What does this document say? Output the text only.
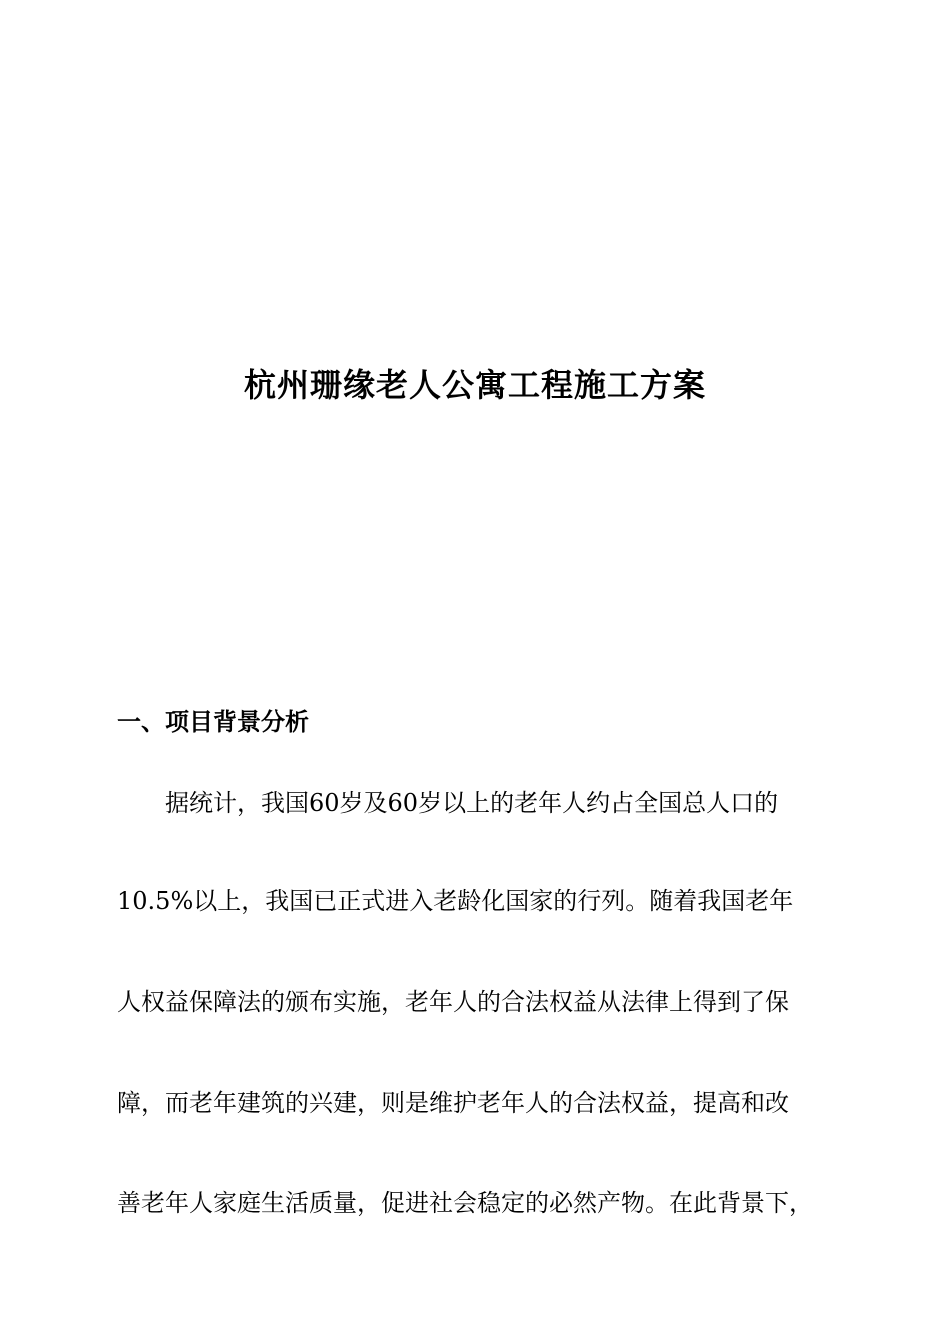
杭州珊缘老人公寓工程施工方案
一、项目背景分析

据统计，我国60岁及60岁以上的老年人约占全国总人口的

10.5%以上，我国已正式进入老龄化国家的行列。随着我国老年

人权益保障法的颁布实施，老年人的合法权益从法律上得到了保

障，而老年建筑的兴建，则是维护老年人的合法权益，提高和改

善老年人家庭生活质量，促进社会稳定的必然产物。在此背景下，
